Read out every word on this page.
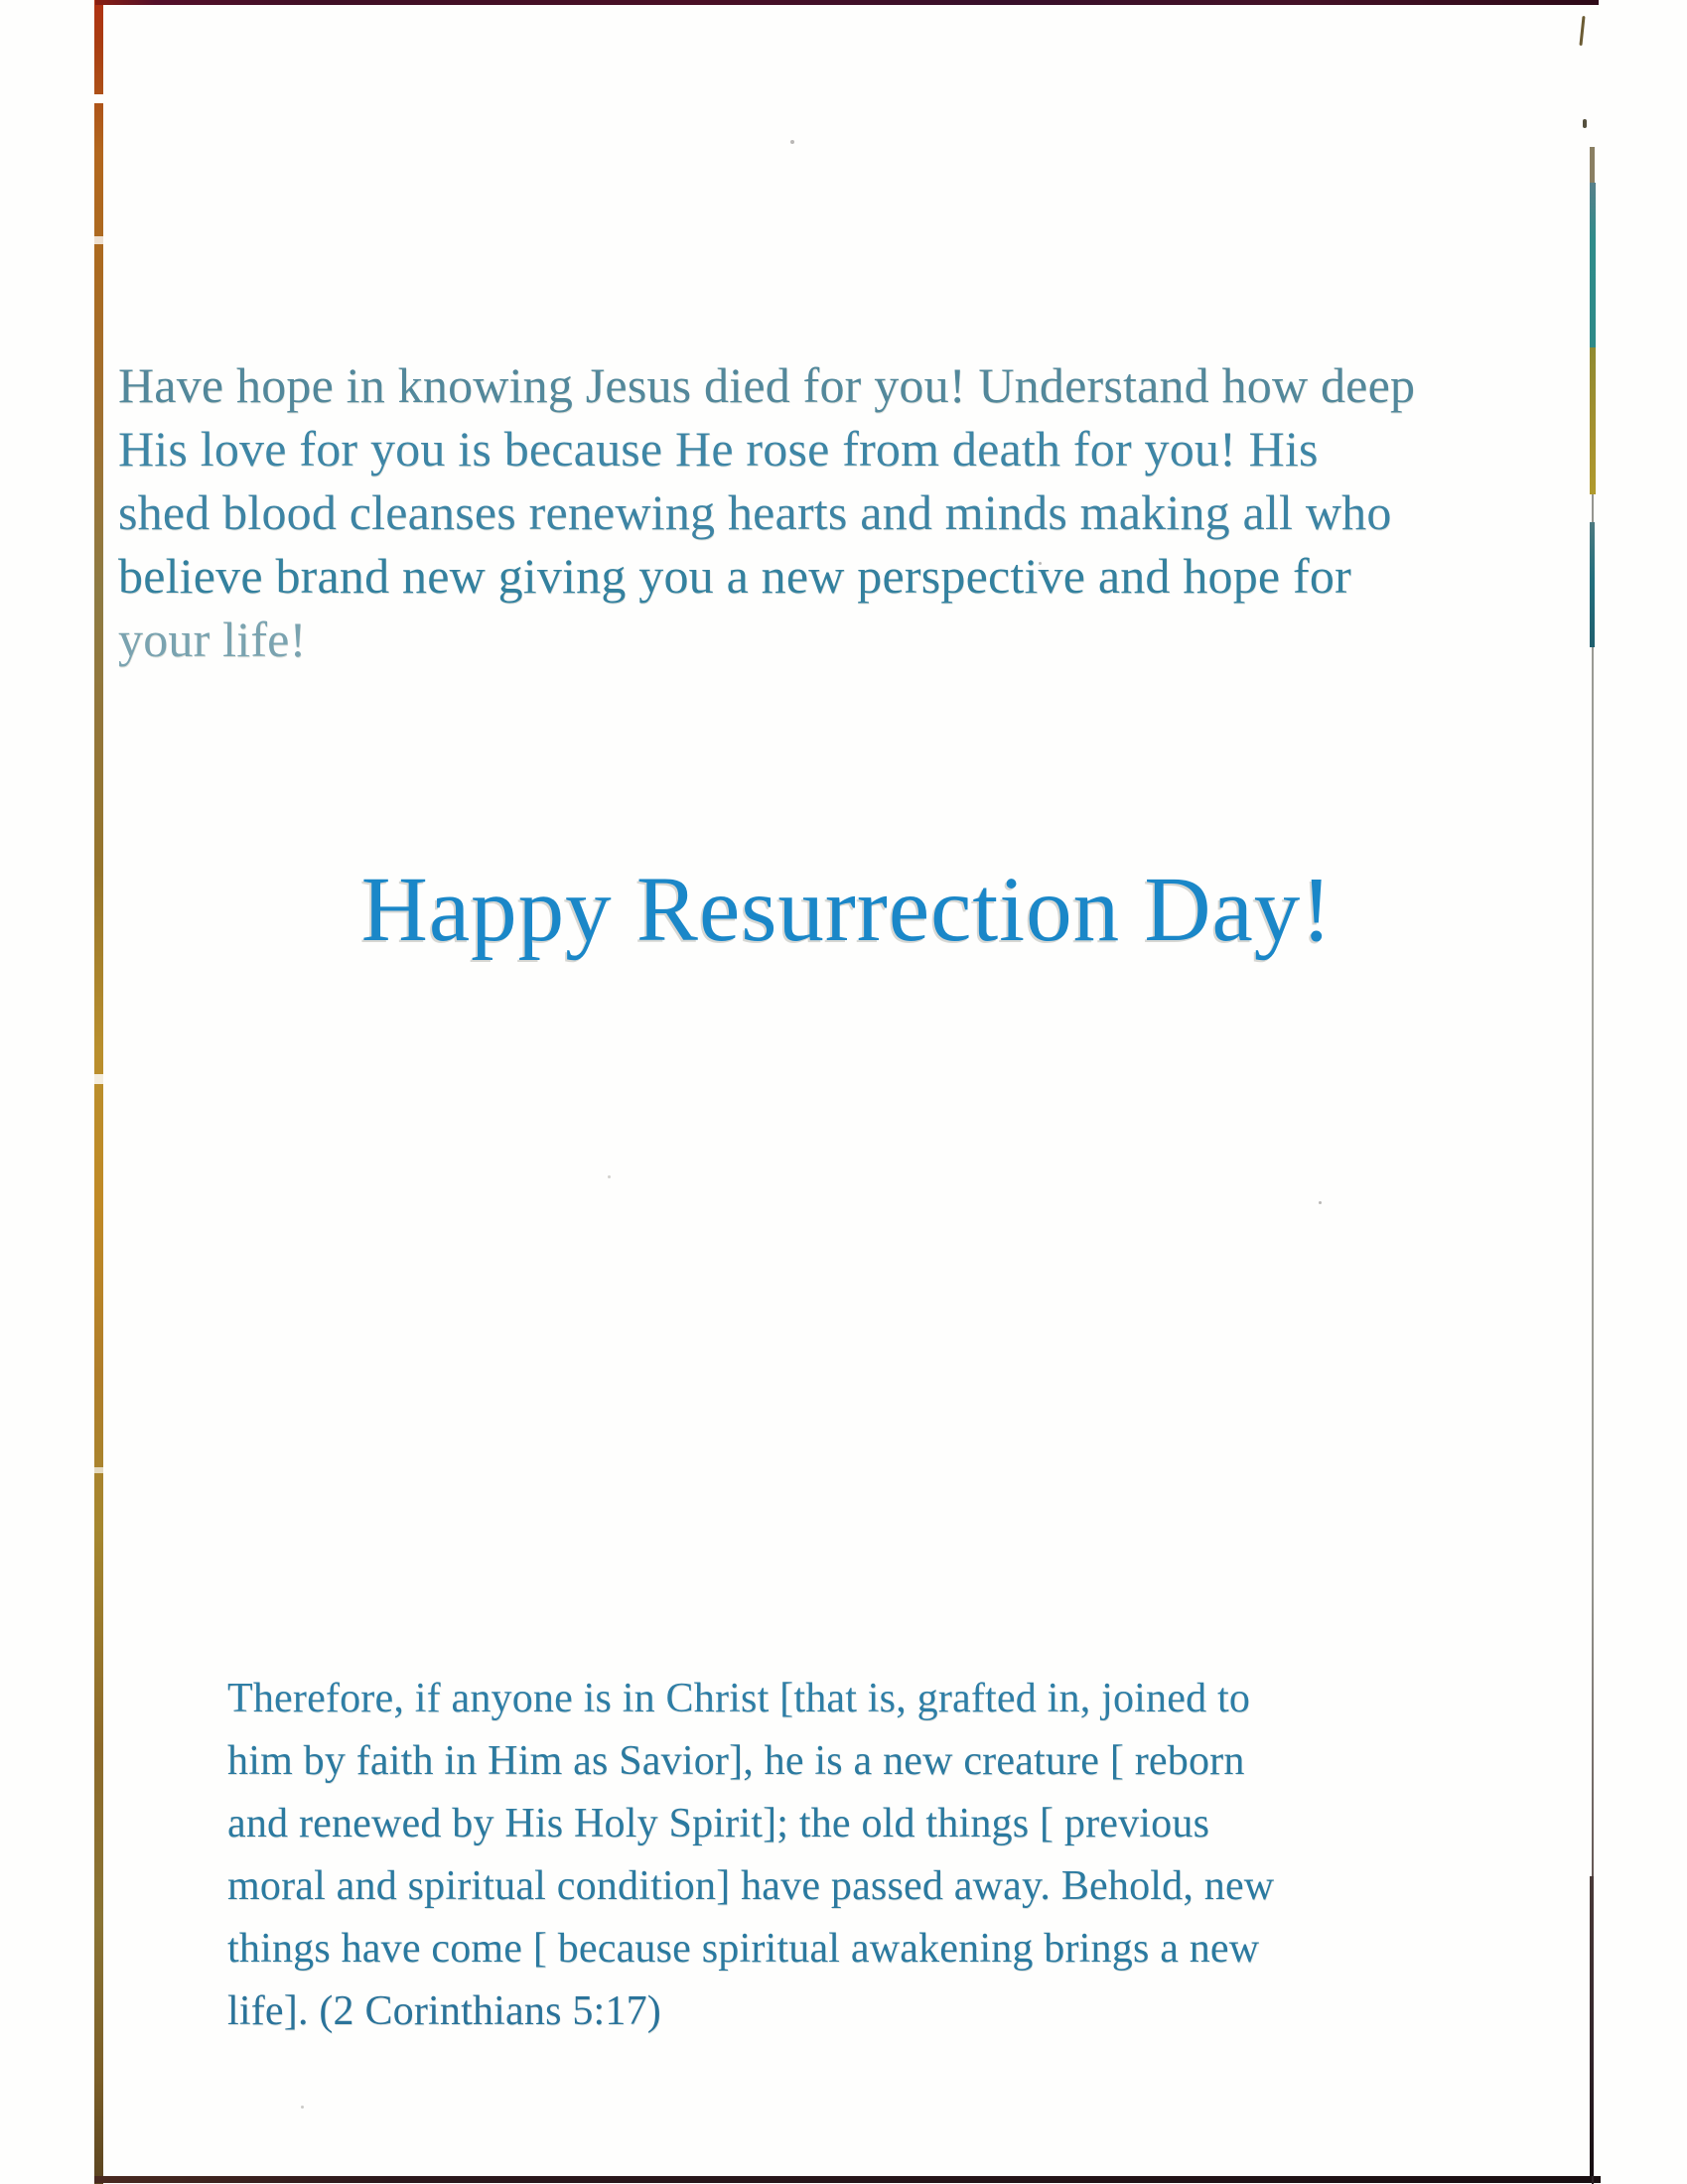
Have hope in knowing Jesus died for you! Understand how deep
His love for you is because He rose from death for you! His
shed blood cleanses renewing hearts and minds making all who
believe brand new giving you a new perspective and hope for
your life!
Happy Resurrection Day!
Therefore, if anyone is in Christ [that is, grafted in, joined to
him by faith in Him as Savior], he is a new creature [ reborn
and renewed by His Holy Spirit]; the old things [ previous
moral and spiritual condition] have passed away. Behold, new
things have come [ because spiritual awakening brings a new
life]. (2 Corinthians 5:17)
